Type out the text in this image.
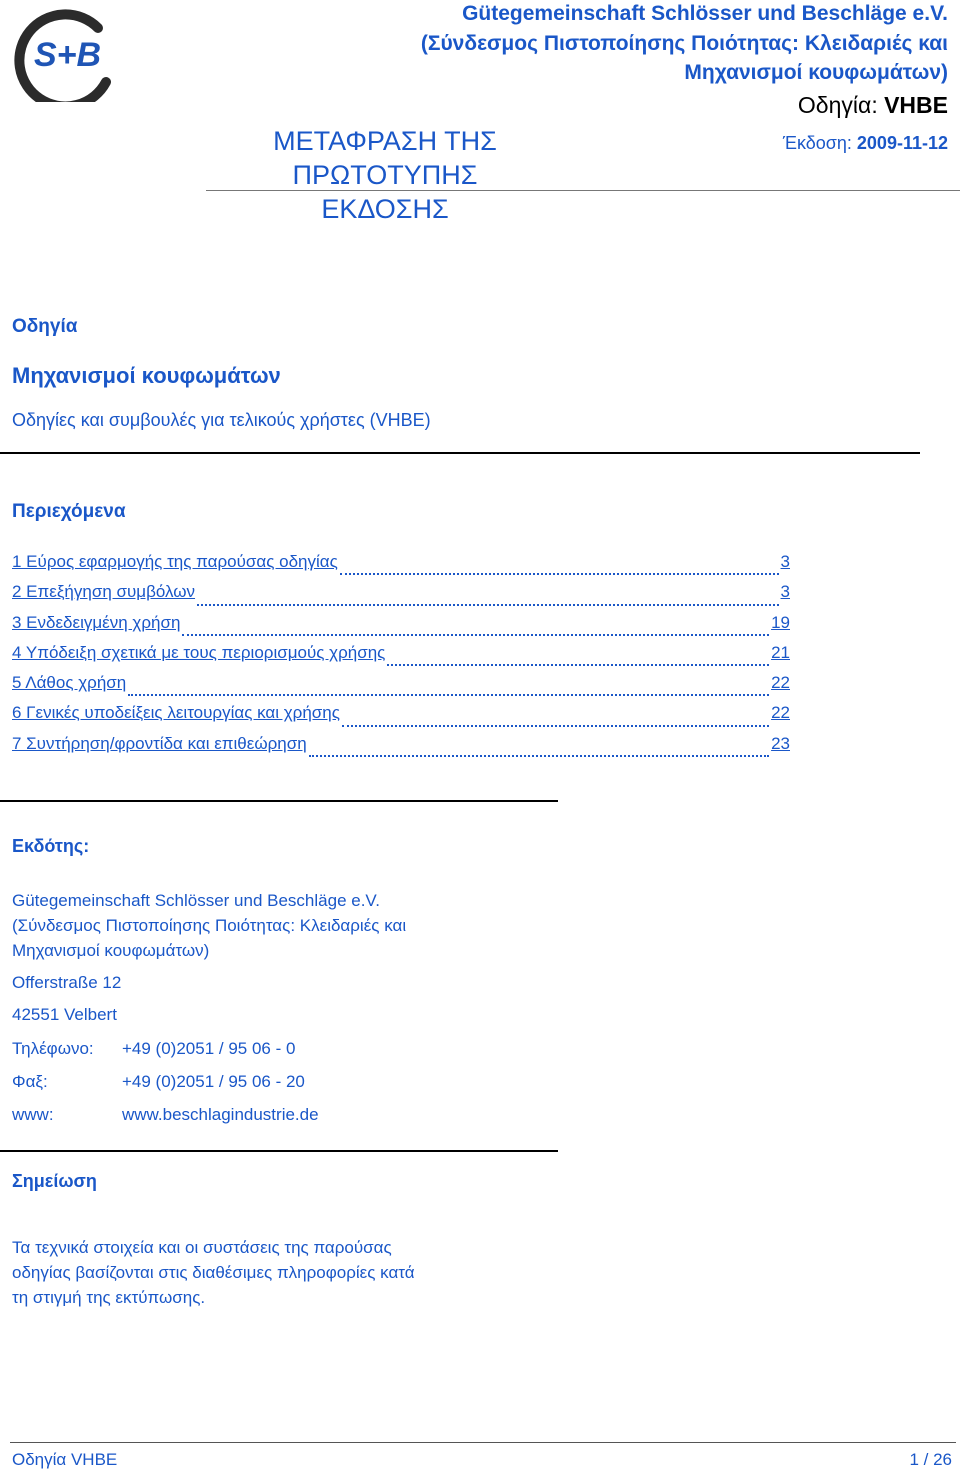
S+B
Gütegemeinschaft Schlösser und Beschläge e.V.
(Σύνδεσμος Πιστοποίησης Ποιότητας: Κλειδαριές και
Μηχανισμοί κουφωμάτων)
Οδηγία: VHBE
ΜΕΤΑΦΡΑΣΗ ΤΗΣ ΠΡΩΤΟΤΥΠΗΣ
ΕΚΔΟΣΗΣ
Έκδοση: 2009-11-12
Οδηγία
Μηχανισμοί κουφωμάτων
Οδηγίες και συμβουλές για τελικούς χρήστες (VHBE)
Περιεχόμενα
1 Εύρος εφαρμογής της παρούσας οδηγίας	3
2 Επεξήγηση συμβόλων	3
3 Ενδεδειγμένη χρήση	19
4 Υπόδειξη σχετικά με τους περιορισμούς χρήσης	21
5 Λάθος χρήση	22
6 Γενικές υποδείξεις λειτουργίας και χρήσης	22
7 Συντήρηση/φροντίδα και επιθεώρηση	23
Εκδότης:
Gütegemeinschaft Schlösser und Beschläge e.V.
(Σύνδεσμος Πιστοποίησης Ποιότητας: Κλειδαριές και
Μηχανισμοί κουφωμάτων)
Offerstraße 12
42551 Velbert
Τηλέφωνο:	+49 (0)2051 / 95 06 - 0
Φαξ:	+49 (0)2051 / 95 06 - 20
www:	www.beschlagindustrie.de
Σημείωση
Τα τεχνικά στοιχεία και οι συστάσεις της παρούσας
οδηγίας βασίζονται στις διαθέσιμες πληροφορίες κατά
τη στιγμή της εκτύπωσης.
Οδηγία VHBE	1 / 26
